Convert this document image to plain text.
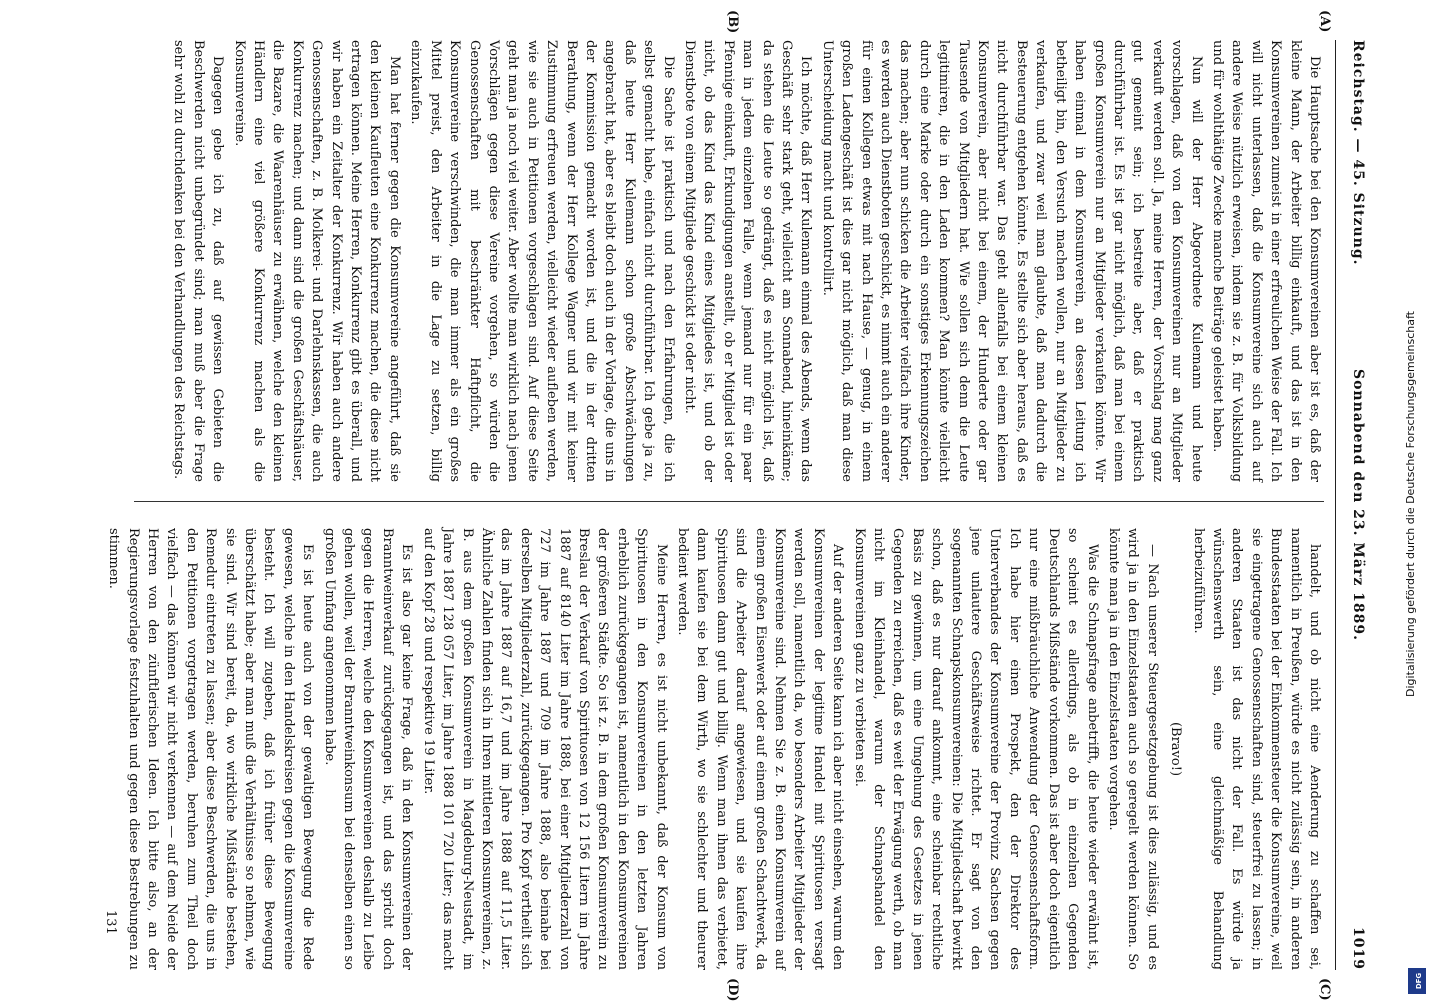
Reichstag. — 45. Sitzung.
Sonnabend den 23. März 1889.
1019
(A)
(B)
(C)
(D)

Die Hauptsache bei den Konsumvereinen aber ist es, daß der kleine Mann, der Arbeiter billig einkauft, und das ist in den Konsumvereinen zumeist in einer erfreulichen Weise der Fall. Ich will nicht unterlassen, daß die Konsumvereine sich auch auf andere Weise nützlich erweisen, indem sie z. B. für Volksbildung und für wohlthätige Zwecke manche Beiträge geleistet haben.

Nun will der Herr Abgeordnete Kulemann und heute vorschlagen, daß von den Konsumvereinen nur an Mitglieder verkauft werden soll. Ja, meine Herren, der Vorschlag mag ganz gut gemeint sein; ich bestreite aber, daß er praktisch durchführbar ist. Es ist gar nicht möglich, daß man bei einem großen Konsumverein nur an Mitglieder verkaufen könnte. Wir haben einmal in dem Konsumverein, an dessen Leitung ich betheiligt bin, den Versuch machen wollen, nur an Mitglieder zu verkaufen, und zwar weil man glaubte, daß man dadurch die Besteuerung entgehen könnte. Es stellte sich aber heraus, daß es nicht durchführbar war. Das geht allenfalls bei einem kleinen Konsumverein, aber nicht bei einem, der Hunderte oder gar Tausende von Mitgliedern hat. Wie sollen sich denn die Leute legitimiren, die in den Laden kommen? Man könnte vielleicht durch eine Marke oder durch ein sonstiges Erkennungszeichen das machen; aber nun schicken die Arbeiter vielfach ihre Kinder, es werden auch Dienstboten geschickt, es nimmt auch ein anderer für einen Kollegen etwas mit nach Hause, — genug, in einem großen Ladengeschäft ist dies gar nicht möglich, daß man diese Unterscheidung macht und kontrollirt.

Ich möchte, daß Herr Kulemann einmal des Abends, wenn das Geschäft sehr stark geht, vielleicht am Sonnabend, hineinkäme; da stehen die Leute so gedrängt, daß es nicht möglich ist, daß man in jedem einzelnen Falle, wenn jemand nur für ein paar Pfennige einkauft, Erkundigungen anstellt, ob er Mitglied ist oder nicht, ob das Kind das Kind eines Mitgliedes ist, und ob der Dienstbote von einem Mitgliede geschickt ist oder nicht.

Die Sache ist praktisch und nach den Erfahrungen, die ich selbst gemacht habe, einfach nicht durchführbar. Ich gebe ja zu, daß heute Herr Kulemann schon große Abschwächungen angebracht hat, aber es bleibt doch auch in der Vorlage, die uns in der Kommission gemacht worden ist, und die in der dritten Berathung, wenn der Herr Kollege Wagner und wir mit keiner Zustimmung erfreuen werden, vielleicht wieder aufleben werden, wie sie auch in Petitionen vorgeschlagen sind. Auf diese Seite geht man ja noch viel weiter. Aber wollte man wirklich nach jenen Vorschlägen gegen diese Vereine vorgehen, so würden die Genossenschaften mit beschränkter Haftpflicht, die Konsumvereine verschwinden, die man immer als ein großes Mittel preist, den Arbeiter in die Lage zu setzen, billig einzukaufen.

Man hat ferner gegen die Konsumvereine angeführt, daß sie den kleinen Kaufleuten eine Konkurrenz machen, die diese nicht ertragen können. Meine Herren, Konkurrenz gibt es überall, und wir haben ein Zeitalter der Konkurrenz. Wir haben auch andere Genossenschaften, z. B. Molkerei- und Darlehnskassen, die auch Konkurrenz machen; und dann sind die großen Geschäftshäuser, die Bazare, die Waarenhäuser zu erwähnen, welche den kleinen Händlern eine viel größere Konkurrenz machen als die Konsumvereine.

Dagegen gebe ich zu, daß auf gewissen Gebieten die Beschwerden nicht unbegründet sind; man muß aber die Frage sehr wohl zu durchdenken bei den Verhandlungen des Reichstags.

handelt, und ob nicht eine Aenderung zu schaffen sei, namentlich in Preußen, würde es nicht zulässig sein, in anderen Bundesstaaten bei der Einkommensteuer die Konsumvereine, weil sie eingetragene Genossenschaften sind, steuerfrei zu lassen; in anderen Staaten ist das nicht der Fall. Es würde ja wünschenswerth sein, eine gleichmäßige Behandlung herbeizuführen.

(Bravo!)

— Nach unserer Steuergesetzgebung ist dies zulässig, und es wird ja in den Einzelstaaten auch so geregelt werden können. So könnte man ja in den Einzelstaaten vorgehen.

Was die Schnapsfrage anbetrifft, die heute wieder erwähnt ist, so scheint es allerdings, als ob in einzelnen Gegenden Deutschlands Mißstände vorkommen. Das ist aber doch eigentlich nur eine mißbräuchliche Anwendung der Genossenschaftsform. Ich habe hier einen Prospekt, den der Direktor des Unterverbandes der Konsumvereine der Provinz Sachsen gegen jene unlautere Geschäftsweise richtet. Er sagt von den sogenannten Schnapskonsumvereinen: Die Mitgliedschaft bewirkt schon, daß es nur darauf ankommt, eine scheinbar rechtliche Basis zu gewinnen, um eine Umgehung des Gesetzes in jenen Gegenden zu erreichen, daß es weit der Erwägung werth, ob man nicht im Kleinhandel, warum der Schnapshandel den Konsumvereinen ganz zu verbieten sei.

Auf der anderen Seite kann ich aber nicht einsehen, warum den Konsumvereinen der legitime Handel mit Spirituosen versagt werden soll, namentlich da, wo besonders Arbeiter Mitglieder der Konsumvereine sind. Nehmen Sie z. B. einen Konsumverein auf einem großen Eisenwerk oder auf einem großen Schachtwerk, da sind die Arbeiter darauf angewiesen, und sie kaufen ihre Spirituosen dann gut und billig. Wenn man ihnen das verbietet, dann kaufen sie bei dem Wirth, wo sie schlechter und theurer bedient werden.

Meine Herren, es ist nicht unbekannt, daß der Konsum von Spirituosen in den Konsumvereinen in den letzten Jahren erheblich zurückgegangen ist, namentlich in den Konsumvereinen der größeren Städte. So ist z. B. in dem großen Konsumverein zu Breslau der Verkauf von Spirituosen von 12 156 Litern im Jahre 1887 auf 8140 Liter im Jahre 1888, bei einer Mitgliederzahl von 727 im Jahre 1887 und 709 im Jahre 1888, also beinahe bei derselben Mitgliederzahl, zurückgegangen. Pro Kopf vertheilt sich das im Jahre 1887 auf 16,7 und im Jahre 1888 auf 11,5 Liter. Ähnliche Zahlen finden sich in Ihren mittleren Konsumvereinen, z. B. aus dem großen Konsumverein in Magdeburg-Neustadt, im Jahre 1887 128 057 Liter, im Jahre 1888 101 720 Liter; das macht auf den Kopf 28 und respektive 19 Liter.

Es ist also gar keine Frage, daß in den Konsumvereinen der Branntweinverkauf zurückgegangen ist, und das spricht doch gegen die Herren, welche den Konsumvereinen deshalb zu Leibe gehen wollen, weil der Branntweinkonsum bei denselben einen so großen Umfang angenommen habe.

Es ist heute auch von der gewaltigen Bewegung die Rede gewesen, welche in den Handelskreisen gegen die Konsumvereine besteht. Ich will zugeben, daß ich früher diese Bewegung überschätzt habe; aber man muß die Verhältnisse so nehmen, wie sie sind. Wir sind bereit, da, wo wirkliche Mißstände bestehen, Remedur eintreten zu lassen; aber diese Beschwerden, die uns in den Petitionen vorgetragen werden, beruhen zum Theil doch vielfach — das können wir nicht verkennen — auf dem Neide der Herren von den zünftlerischen Ideen. Ich bitte also, an der Regierungsvorlage festzuhalten und gegen diese Bestrebungen zu stimmen.

131
Digitalisierung gefördert durch die Deutsche Forschungsgemeinschaft
DFG
